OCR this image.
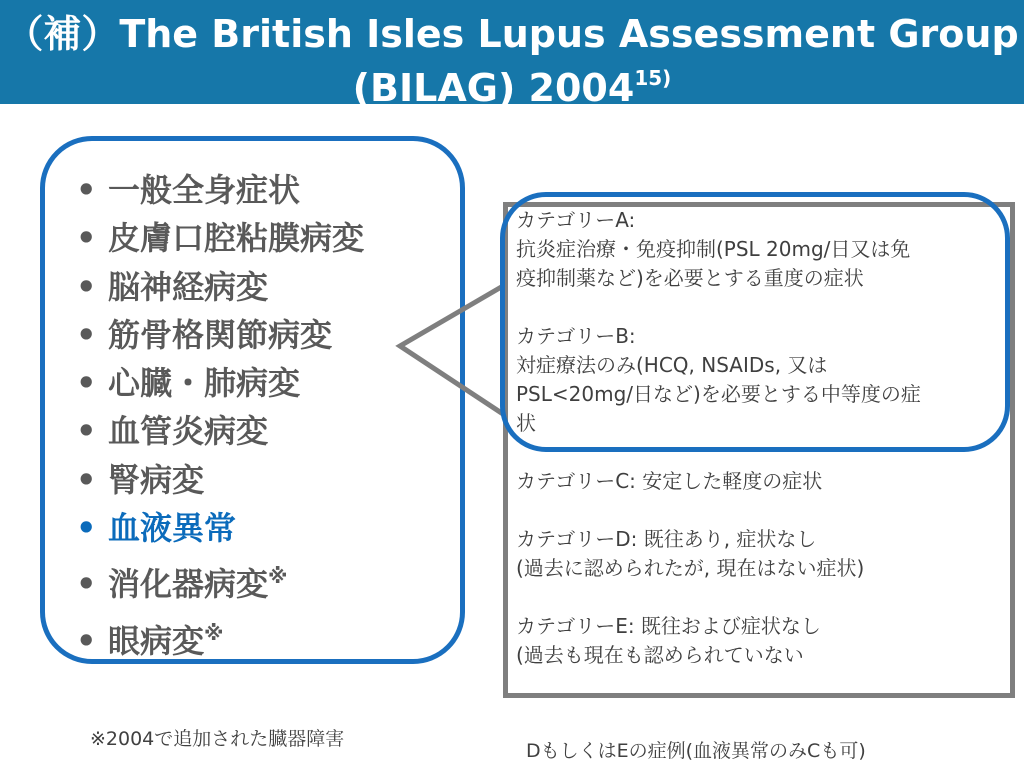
（補）The British Isles Lupus Assessment Group
(BILAG) 2004$^{15)}$
• 一般全身症状
• 皮膚口腔粘膜病変
• 脳神経病変
• 筋骨格関節病変
• 心臓・肺病変
• 血管炎病変
• 腎病変
• 血液異常
• 消化器病変※
• 眼病変※
カテゴリーA:
抗炎症治療・免疫抑制(PSL 20mg/日又は免
疫抑制薬など)を必要とする重度の症状
カテゴリーB:
対症療法のみ(HCQ, NSAIDs, 又は
PSL<20mg/日など)を必要とする中等度の症
状
カテゴリーC: 安定した軽度の症状
カテゴリーD: 既往あり, 症状なし
(過去に認められたが, 現在はない症状)
カテゴリーE: 既往および症状なし
(過去も現在も認められていない
※2004で追加された臓器障害
DもしくはEの症例(血液異常のみCも可)
